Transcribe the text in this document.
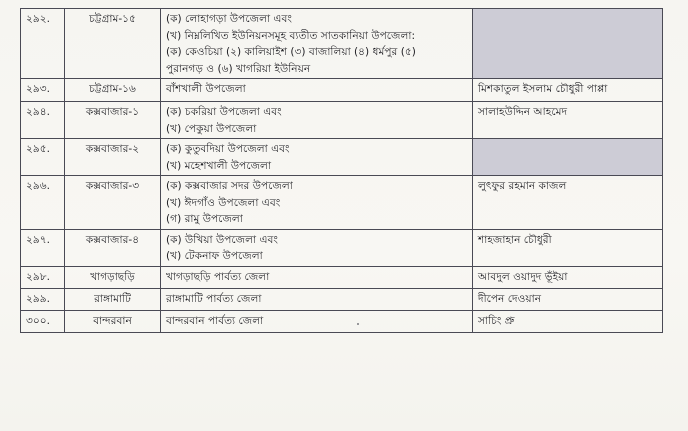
২৯২.	চট্টগ্রাম-১৫	(ক) লোহাগড়া উপজেলা এবং
(খ) নিম্নলিখিত ইউনিয়নসমূহ ব্যতীত সাতকানিয়া উপজেলা:
(ক) কেওচিয়া (২) কালিয়াইশ (৩) বাজালিয়া (৪) ধর্মপুর (৫)
পুরানগড় ও (৬) খাগরিয়া ইউনিয়ন	

২৯৩.	চট্টগ্রাম-১৬	বাঁশখালী উপজেলা	মিশকাতুল ইসলাম চৌধুরী পাপ্পা
২৯৪.	কক্সবাজার-১	(ক) চকরিয়া উপজেলা এবং
(খ) পেকুয়া উপজেলা	সালাহউদ্দিন আহমেদ
২৯৫.	কক্সবাজার-২	(ক) কুতুবদিয়া উপজেলা এবং
(খ) মহেশখালী উপজেলা	

২৯৬.	কক্সবাজার-৩	(ক) কক্সবাজার সদর উপজেলা
(খ) ঈদগাঁও উপজেলা এবং
(গ) রামু উপজেলা	লুৎফুর রহমান কাজল
২৯৭.	কক্সবাজার-৪	(ক) উখিয়া উপজেলা এবং
(খ) টেকনাফ উপজেলা	শাহজাহান চৌধুরী
২৯৮.	খাগড়াছড়ি	খাগড়াছড়ি পার্বত্য জেলা	আবদুল ওয়াদুদ ভূঁইয়া
২৯৯.	রাঙ্গামাটি	রাঙ্গামাটি পার্বত্য জেলা	দীপেন দেওয়ান
৩০০.	বান্দরবান	বান্দরবান পার্বত্য জেলা	সাচিং প্রু
